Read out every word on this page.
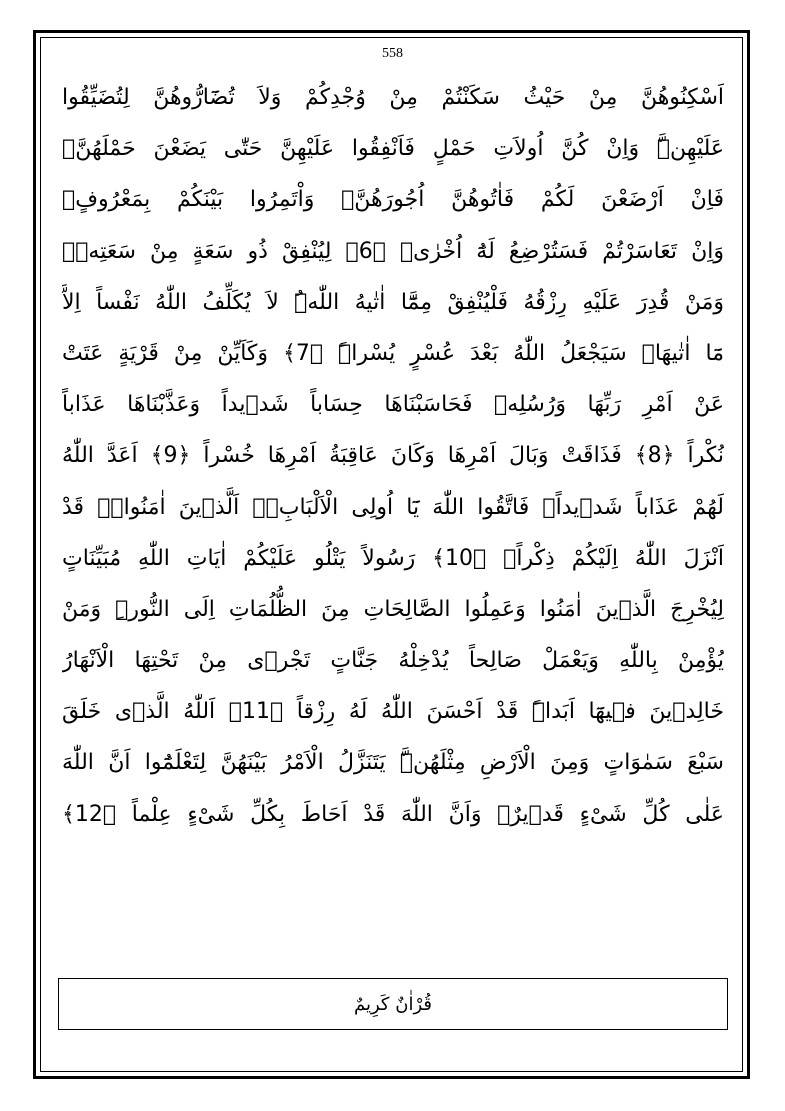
558
اَسْكِنُوهُنَّ مِنْ حَيْثُ سَكَنْتُمْ مِنْ وُجْدِكُمْ وَلاَ تُضَٓارُّوهُنَّ لِتُضَيِّقُوا
عَلَيْهِنَّۜ وَاِنْ كُنَّ اُولاَتِ حَمْلٍ فَاَنْفِقُوا عَلَيْهِنَّ حَتّٰى يَضَعْنَ حَمْلَهُنَّۚ
فَاِنْ اَرْضَعْنَ لَكُمْ فَاٰتُوهُنَّ اُجُورَهُنَّۚ وَاْتَمِرُوا بَيْنَكُمْ بِمَعْرُوفٍۚ
وَاِنْ تَعَاسَرْتُمْ فَسَتُرْضِعُ لَهُٓ اُخْرٰىۜ ﴿6﴾ لِيُنْفِقْ ذُو سَعَةٍ مِنْ سَعَتِهٖۜ
وَمَنْ قُدِرَ عَلَيْهِ رِزْقُهُ فَلْيُنْفِقْ مِمَّٓا اٰتٰيهُ اللّٰهُۜ لاَ يُكَلِّفُ اللّٰهُ نَفْساً اِلاَّ
مَٓا اٰتٰيهَاۜ سَيَجْعَلُ اللّٰهُ بَعْدَ عُسْرٍ يُسْراًۜ ﴿7﴾ وَكَاَيِّنْ مِنْ قَرْيَةٍ عَتَتْ
عَنْ اَمْرِ رَبِّهَا وَرُسُلِهٖ فَحَاسَبْنَاهَا حِسَاباً شَدٖيداً وَعَذَّبْنَاهَا عَذَاباً
نُكْراً ﴿8﴾ فَذَاقَتْ وَبَالَ اَمْرِهَا وَكَانَ عَاقِبَةُ اَمْرِهَا خُسْراً ﴿9﴾ اَعَدَّ اللّٰهُ
لَهُمْ عَذَاباً شَدٖيداًۙ فَاتَّقُوا اللّٰهَ يَٓا اُولِى الْاَلْبَابِۚۛ اَلَّذٖينَ اٰمَنُواۚۛ قَدْ
اَنْزَلَ اللّٰهُ اِلَيْكُمْ ذِكْراًۙ ﴿10﴾ رَسُولاً يَتْلُو عَلَيْكُمْ اٰيَاتِ اللّٰهِ مُبَيِّنَاتٍ
لِيُخْرِجَ الَّذٖينَ اٰمَنُوا وَعَمِلُوا الصَّالِحَاتِ مِنَ الظُّلُمَاتِ اِلَى النُّورِۜ وَمَنْ
يُؤْمِنْ بِاللّٰهِ وَيَعْمَلْ صَالِحاً يُدْخِلْهُ جَنَّاتٍ تَجْرٖى مِنْ تَحْتِهَا الْاَنْهَارُ
خَالِدٖينَ فٖيهَٓا اَبَداًۜ قَدْ اَحْسَنَ اللّٰهُ لَهُ رِزْقاً ﴿11﴾ اَللّٰهُ الَّذٖى خَلَقَ
سَبْعَ سَمٰوَاتٍ وَمِنَ الْاَرْضِ مِثْلَهُنَّۜ يَتَنَزَّلُ الْاَمْرُ بَيْنَهُنَّ لِتَعْلَمُٓوا اَنَّ اللّٰهَ
عَلٰى كُلِّ شَیْءٍ قَدٖيرٌۙ وَاَنَّ اللّٰهَ قَدْ اَحَاطَ بِكُلِّ شَیْءٍ عِلْماً ﴿12﴾
قُرْاٰنٌ كَرِيمٌ
